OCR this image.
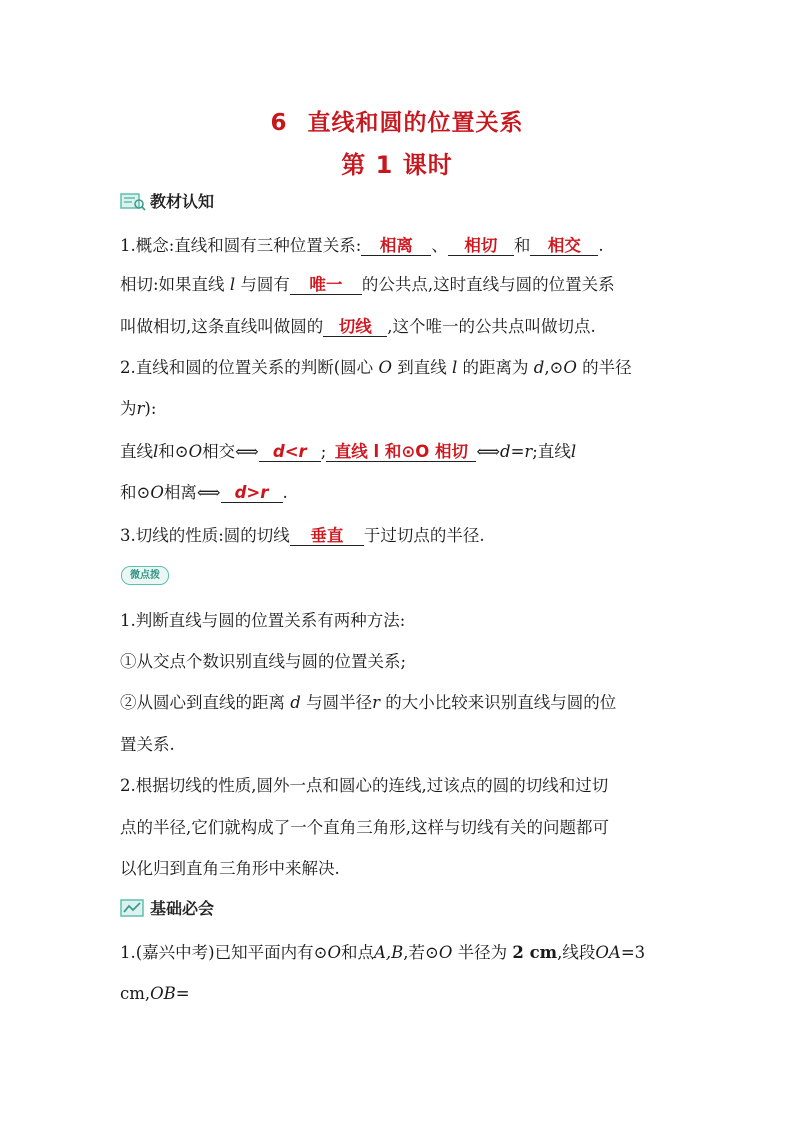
6 直线和圆的位置关系
第 1 课时
教材认知
1.概念:直线和圆有三种位置关系: 相离 、 相切 和 相交 .
相切:如果直线 l 与圆有 唯一 的公共点,这时直线与圆的位置关系
叫做相切,这条直线叫做圆的 切线 ,这个唯一的公共点叫做切点.
2.直线和圆的位置关系的判断(圆心 O 到直线 l 的距离为 d,⊙O 的半径
为r):
直线l和⊙O相交⟺ d<r ; 直线 l 和⊙O 相切 ⟺d=r;直线l
和⊙O相离⟺ d>r .
3.切线的性质:圆的切线 垂直 于过切点的半径.
微点拨
1.判断直线与圆的位置关系有两种方法:
①从交点个数识别直线与圆的位置关系;
②从圆心到直线的距离 d 与圆半径r 的大小比较来识别直线与圆的位
置关系.
2.根据切线的性质,圆外一点和圆心的连线,过该点的圆的切线和过切
点的半径,它们就构成了一个直角三角形,这样与切线有关的问题都可
以化归到直角三角形中来解决.
基础必会
1.(嘉兴中考)已知平面内有⊙O和点A,B,若⊙O 半径为 2 cm,线段OA=3
cm,OB=
